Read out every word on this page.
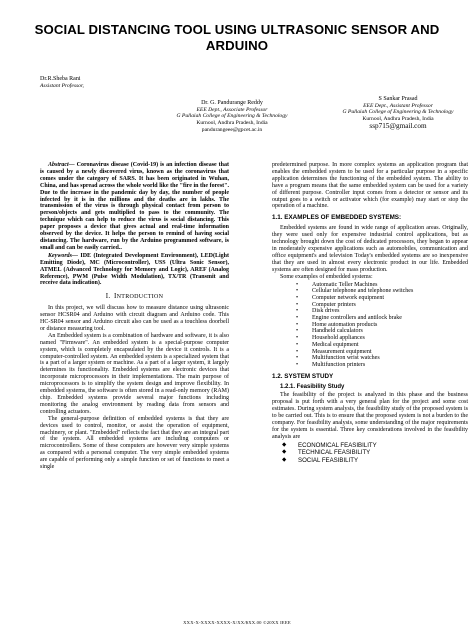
SOCIAL DISTANCING TOOL USING ULTRASONIC SENSOR AND ARDUINO
Dr.R.Sheba Rani
Assistant Professor,
Dr. G. Pandurange Reddy
EEE Dept., Associate Professor
G Pullaiah College of Engineering & Technology
Kurnool, Andhra Pradesh, India
pandurangeee@gpcet.ac.in
S Sankar Prasad
EEE Dept., Assistant Professor
G Pullaiah College of Engineering & Technology
Kurnool, Andhra Pradesh, India
ssp715@gmail.com

Abstract— Coronavirus disease (Covid-19) is an infection disease that is caused by a newly discovered virus, known as the coronavirus that comes under the category of SARS. It has been originated in Wuhan, China, and has spread across the whole world like the "fire in the forest". Due to the increase in the pandemic day by day, the number of people infected by it is in the millions and the deaths are in lakhs. The transmission of the virus is through physical contact from person to person/objects and gets multiplied to pass to the community. The technique which can help to reduce the virus is social distancing. This paper proposes a device that gives actual and real-time information observed by the device. It helps the person to remind of having social distancing. The hardware, run by the Arduino programmed software, is small and can be easily carried..

Keywords— IDE (Integrated Development Environment), LED(Light Emitting Diode), MC (Microcontroller), USS (Ultra Sonic Sensor), ATMEL (Advanced Technology for Memory and Logic), AREF (Analog Reference), PWM (Pulse Width Modulation), TX/TR (Transmit and receive data indication).

I. INTRODUCTION

In this project, we will discuss how to measure distance using ultrasonic sensor HCSR04 and Arduino with circuit diagram and Arduino code. This HC-SR04 sensor and Arduino circuit also can be used as a touchless doorbell or distance measuring tool.

An Embedded system is a combination of hardware and software, it is also named "Firmware". An embedded system is a special-purpose computer system, which is completely encapsulated by the device it controls. It is a computer-controlled system. An embedded system is a specialized system that is a part of a larger system or machine. As a part of a larger system, it largely determines its functionality. Embedded systems are electronic devices that incorporate microprocessors in their implementations. The main purpose of microprocessors is to simplify the system design and improve flexibility. In embedded systems, the software is often stored in a read-only memory (RAM) chip. Embedded systems provide several major functions including monitoring the analog environment by reading data from sensors and controlling actuators.

The general-purpose definition of embedded systems is that they are devices used to control, monitor, or assist the operation of equipment, machinery, or plant. "Embedded" reflects the fact that they are an integral part of the system. All embedded systems are including computers or microcontrollers. Some of these computers are however very simple systems as compared with a personal computer. The very simple embedded systems are capable of performing only a simple function or set of functions to meet a single

predetermined purpose. In more complex systems an application program that enables the embedded system to be used for a particular purpose in a specific application determines the functioning of the embedded system. The ability to have a program means that the same embedded system can be used for a variety of different purpose. Controller input comes from a detector or sensor and its output goes to a switch or activator which (for example) may start or stop the operation of a machine.

1.1. EXAMPLES OF EMBEDDED SYSTEMS:

Embedded systems are found in wide range of application areas. Originally, they were used only for expensive industrial control applications, but as technology brought down the cost of dedicated processors, they began to appear in moderately expensive applications such as automobiles, communication and office equipment's and television Today's embedded systems are so inexpensive that they are used in almost every electronic product in our life. Embedded systems are often designed for mass production.

Some examples of embedded systems:

• Automatic Teller Machines
• Cellular telephone and telephone switches
• Computer network equipment
• Computer printers
• Disk drives
• Engine controllers and antilock brake
• Home automation products
• Handheld calculators
• Household appliances
• Medical equipment
• Measurement equipment
• Multifunction wrist watches
• Multifunction printers
1.2. SYSTEM STUDY
1.2.1. Feasibility Study

The feasibility of the project is analyzed in this phase and the business proposal is put forth with a very general plan for the project and some cost estimates. During system analysis, the feasibility study of the proposed system is to be carried out. This is to ensure that the proposed system is not a burden to the company. For feasibility analysis, some understanding of the major requirements for the system is essential. Three key considerations involved in the feasibility analysis are

◆ ECONOMICAL FEASIBILITY
◆ TECHNICAL FEASIBILITY
◆ SOCIAL FEASIBILITY
XXX-X-XXXX-XXXX-X/XX/$XX.00 ©20XX IEEE
